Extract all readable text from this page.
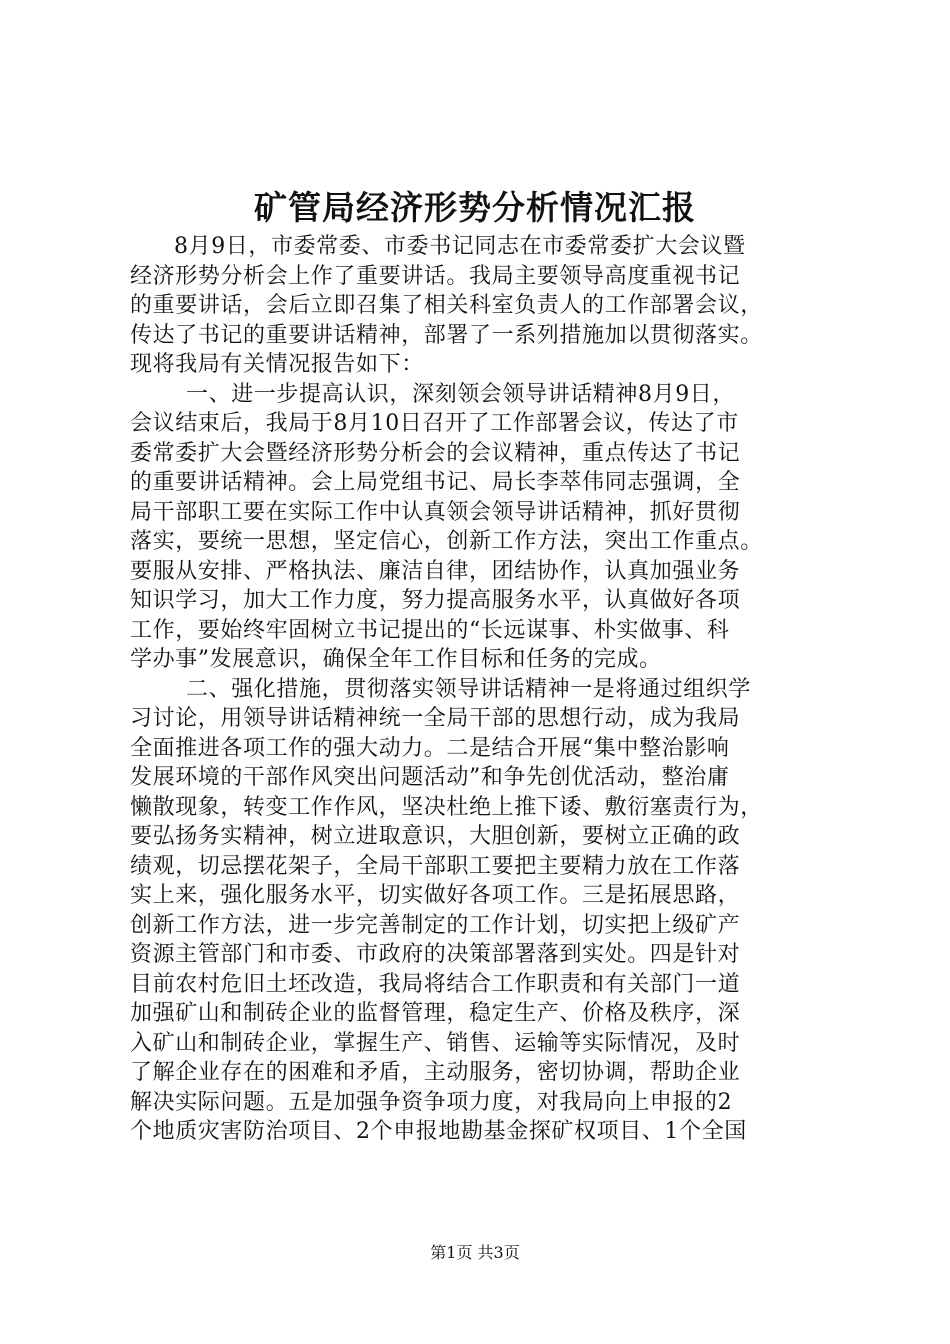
矿管局经济形势分析情况汇报
8月9日，市委常委、市委书记同志在市委常委扩大会议暨
经济形势分析会上作了重要讲话。我局主要领导高度重视书记
的重要讲话，会后立即召集了相关科室负责人的工作部署会议，
传达了书记的重要讲话精神，部署了一系列措施加以贯彻落实。
现将我局有关情况报告如下：
一、进一步提高认识，深刻领会领导讲话精神8月9日，
会议结束后，我局于8月10日召开了工作部署会议，传达了市
委常委扩大会暨经济形势分析会的会议精神，重点传达了书记
的重要讲话精神。会上局党组书记、局长李萃伟同志强调，全
局干部职工要在实际工作中认真领会领导讲话精神，抓好贯彻
落实，要统一思想，坚定信心，创新工作方法，突出工作重点。
要服从安排、严格执法、廉洁自律，团结协作，认真加强业务
知识学习，加大工作力度，努力提高服务水平，认真做好各项
工作，要始终牢固树立书记提出的“长远谋事、朴实做事、科
学办事”发展意识，确保全年工作目标和任务的完成。
二、强化措施，贯彻落实领导讲话精神一是将通过组织学
习讨论，用领导讲话精神统一全局干部的思想行动，成为我局
全面推进各项工作的强大动力。二是结合开展“集中整治影响
发展环境的干部作风突出问题活动”和争先创优活动，整治庸
懒散现象，转变工作作风，坚决杜绝上推下诿、敷衍塞责行为，
要弘扬务实精神，树立进取意识，大胆创新，要树立正确的政
绩观，切忌摆花架子，全局干部职工要把主要精力放在工作落
实上来，强化服务水平，切实做好各项工作。三是拓展思路，
创新工作方法，进一步完善制定的工作计划，切实把上级矿产
资源主管部门和市委、市政府的决策部署落到实处。四是针对
目前农村危旧土坯改造，我局将结合工作职责和有关部门一道
加强矿山和制砖企业的监督管理，稳定生产、价格及秩序，深
入矿山和制砖企业，掌握生产、销售、运输等实际情况，及时
了解企业存在的困难和矛盾，主动服务，密切协调，帮助企业
解决实际问题。五是加强争资争项力度，对我局向上申报的2
个地质灾害防治项目、2个申报地勘基金探矿权项目、1个全国
第1页 共3页
